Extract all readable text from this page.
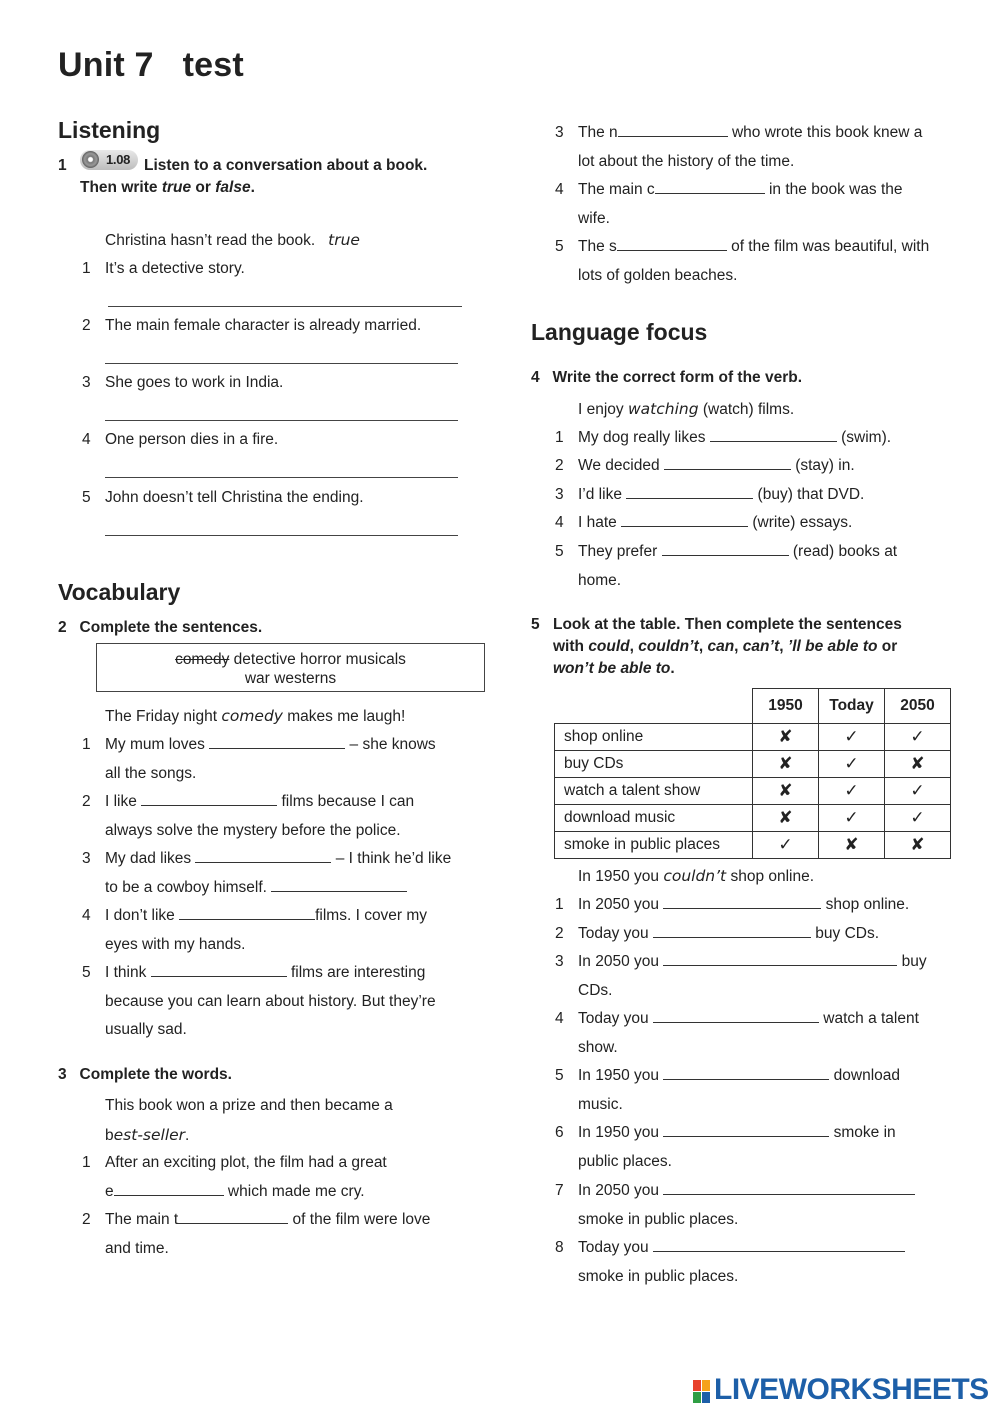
Unit 7   test
Listening
1	1.08 Listen to a conversation about a book.
Then write true or false.
Christina hasn’t read the book. true
1 It’s a detective story.
2 The main female character is already married.
3 She goes to work in India.
4 One person dies in a fire.
5 John doesn’t tell Christina the ending.
Vocabulary
2 Complete the sentences.
comedy detective horror musicals
war westerns
The Friday night comedy makes me laugh!
1 My mum loves	– she knows
all the songs.
2 I like	films because I can
always solve the mystery before the police.
3 My dad likes	– I think he’d like
to be a cowboy himself.
4 I don’t like	films. I cover my
eyes with my hands.
5 I think	films are interesting
because you can learn about history. But they’re
usually sad.
3 Complete the words.
This book won a prize and then became a
best-seller.
1 After an exciting plot, the film had a great
e	which made me cry.
2 The main t	of the film were love
and time.
3 The n	who wrote this book knew a
lot about the history of the time.
4 The main c	in the book was the
wife.
5 The s	of the film was beautiful, with
lots of golden beaches.
Language focus
4 Write the correct form of the verb.
I enjoy watching (watch) films.
1 My dog really likes	(swim).
2 We decided	(stay) in.
3 I’d like	(buy) that DVD.
4 I hate	(write) essays.
5 They prefer	(read) books at
home.
5 Look at the table. Then complete the sentences
with could, couldn’t, can, can’t, ’ll be able to or
won’t be able to.
	1950	Today	2050
shop online	✘	✓	✓
buy CDs	✘	✓	✘
watch a talent show	✘	✓	✓
download music	✘	✓	✓
smoke in public places	✓	✘	✘
In 1950 you couldn’t shop online.
1 In 2050 you	shop online.
2 Today you	buy CDs.
3 In 2050 you	buy
CDs.
4 Today you	watch a talent
show.
5 In 1950 you	download
music.
6 In 1950 you	smoke in
public places.
7 In 2050 you
smoke in public places.
8 Today you
smoke in public places.
LIVEWORKSHEETS
